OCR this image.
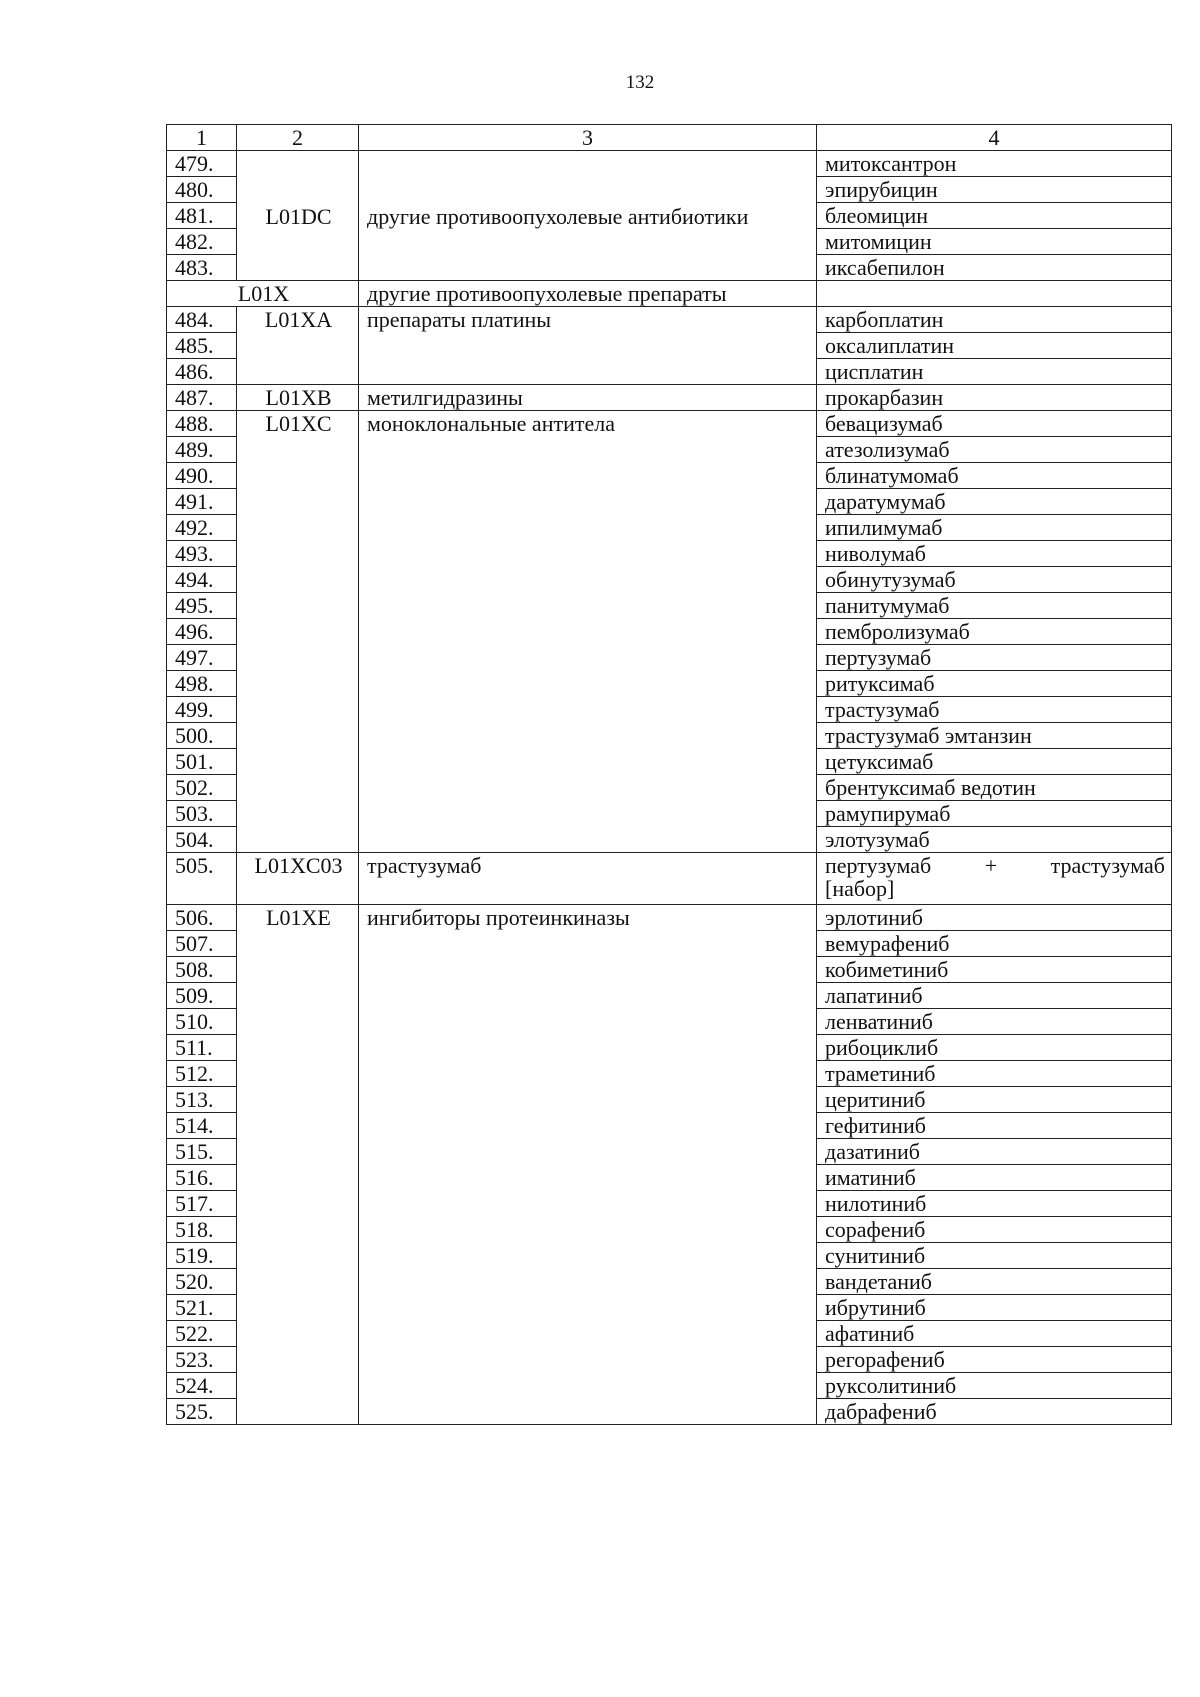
132
1	2	3	4
479.	L01DC	другие противоопухолевые антибиотики	митоксантрон
480.			эпирубицин
481.			блеомицин
482.			митомицин
483.			иксабепилон
L01X		другие противоопухолевые препараты	
484.	L01XA	препараты платины	карбоплатин
485.			оксалиплатин
486.			цисплатин
487.	L01XB	метилгидразины	прокарбазин
488.	L01XC	моноклональные антитела	бевацизумаб
489.			атезолизумаб
490.			блинатумомаб
491.			даратумумаб
492.			ипилимумаб
493.			ниволумаб
494.			обинутузумаб
495.			панитумумаб
496.			пембролизумаб
497.			пертузумаб
498.			ритуксимаб
499.			трастузумаб
500.			трастузумаб эмтанзин
501.			цетуксимаб
502.			брентуксимаб ведотин
503.			рамупирумаб
504.			элотузумаб
505.	L01XC03	трастузумаб	пертузумаб + трастузумаб
[набор]
506.	L01XE	ингибиторы протеинкиназы	эрлотиниб
507.			вемурафениб
508.			кобиметиниб
509.			лапатиниб
510.			ленватиниб
511.			рибоциклиб
512.			траметиниб
513.			церитиниб
514.			гефитиниб
515.			дазатиниб
516.			иматиниб
517.			нилотиниб
518.			сорафениб
519.			сунитиниб
520.			вандетаниб
521.			ибрутиниб
522.			афатиниб
523.			регорафениб
524.			руксолитиниб
525.			дабрафениб
